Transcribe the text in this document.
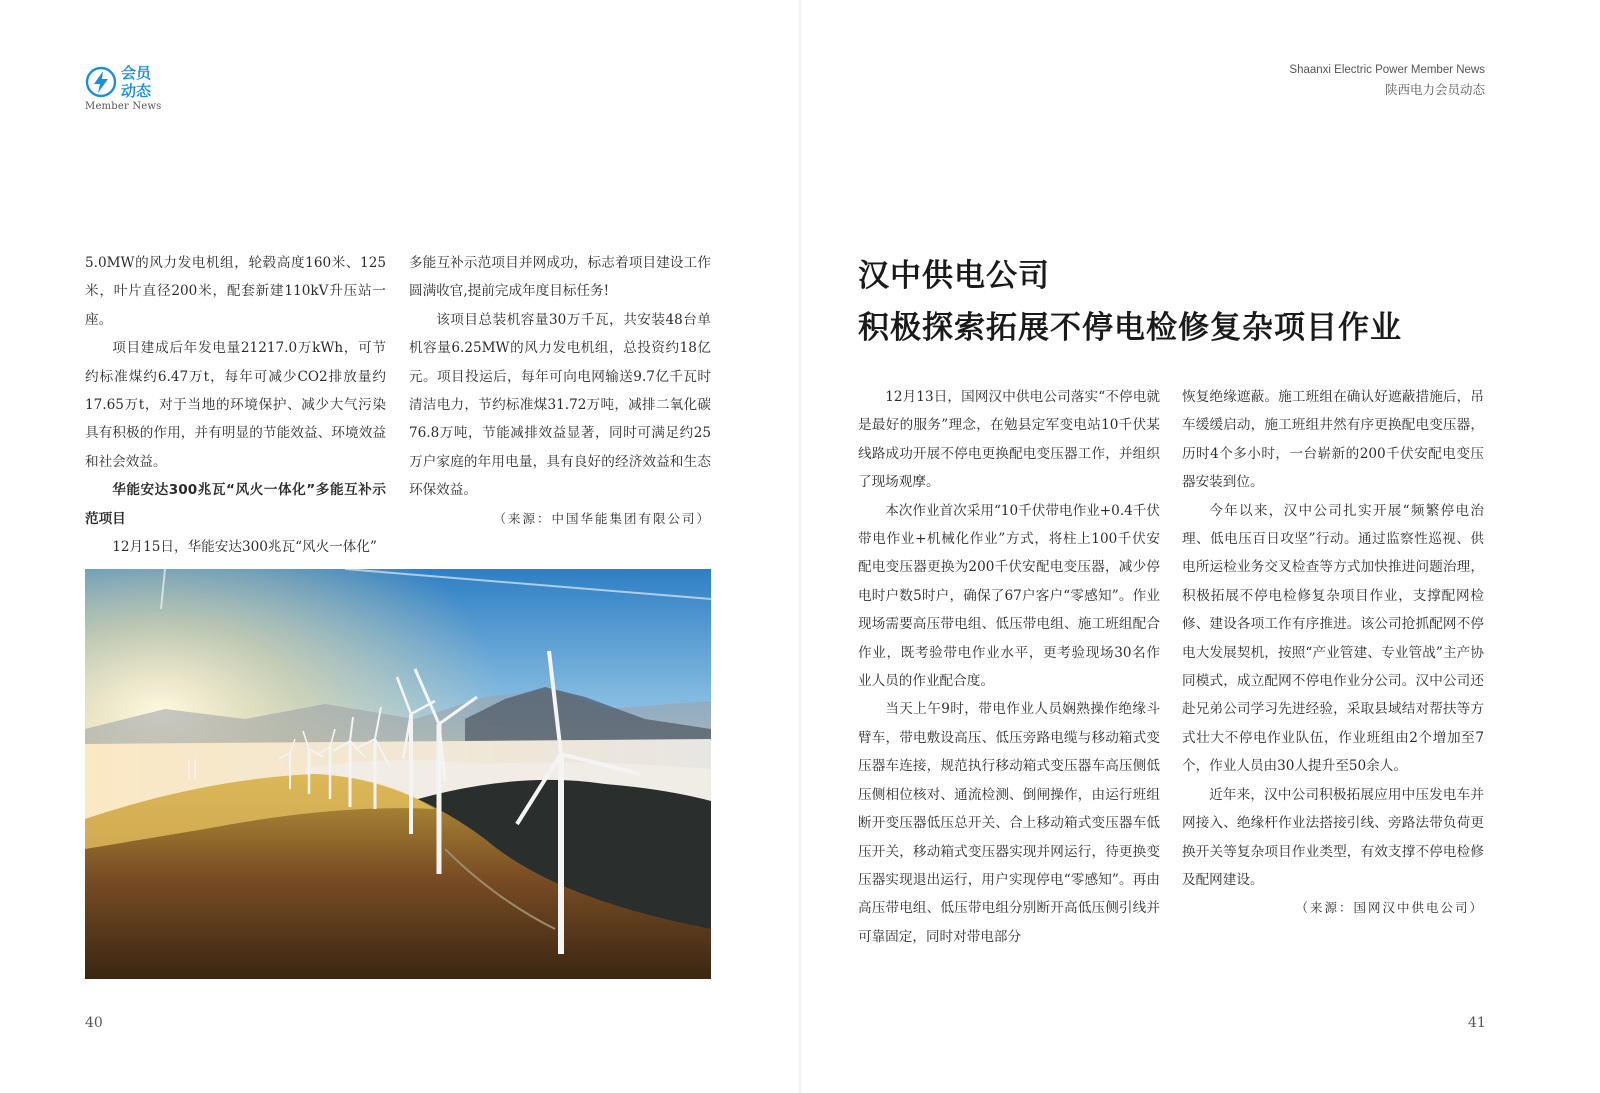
会员
动态
Member News
Shaanxi Electric Power Member News
陕西电力会员动态

5.0MW的风力发电机组，轮毂高度160米、125米，叶片直径200米，配套新建110kV升压站一座。

项目建成后年发电量21217.0万kWh，可节约标准煤约6.47万t，每年可减少CO2排放量约17.65万t，对于当地的环境保护、减少大气污染具有积极的作用，并有明显的节能效益、环境效益和社会效益。

华能安达300兆瓦“风火一体化”多能互补示范项目

12月15日，华能安达300兆瓦“风火一体化”

多能互补示范项目并网成功，标志着项目建设工作圆满收官,提前完成年度目标任务!

该项目总装机容量30万千瓦，共安装48台单机容量6.25MW的风力发电机组，总投资约18亿元。项目投运后，每年可向电网输送9.7亿千瓦时清洁电力，节约标准煤31.72万吨，减排二氧化碳76.8万吨，节能减排效益显著，同时可满足约25万户家庭的年用电量，具有良好的经济效益和生态环保效益。

（来源：中国华能集团有限公司）

40
汉中供电公司
积极探索拓展不停电检修复杂项目作业

12月13日，国网汉中供电公司落实“不停电就是最好的服务”理念，在勉县定军变电站10千伏某线路成功开展不停电更换配电变压器工作，并组织了现场观摩。

本次作业首次采用“10千伏带电作业+0.4千伏带电作业+机械化作业”方式，将柱上100千伏安配电变压器更换为200千伏安配电变压器，减少停电时户数5时户，确保了67户客户“零感知”。作业现场需要高压带电组、低压带电组、施工班组配合作业，既考验带电作业水平，更考验现场30名作业人员的作业配合度。

当天上午9时，带电作业人员娴熟操作绝缘斗臂车，带电敷设高压、低压旁路电缆与移动箱式变压器车连接，规范执行移动箱式变压器车高压侧低压侧相位核对、通流检测、倒闸操作，由运行班组断开变压器低压总开关、合上移动箱式变压器车低压开关，移动箱式变压器实现并网运行，待更换变压器实现退出运行，用户实现停电“零感知”。再由高压带电组、低压带电组分别断开高低压侧引线并可靠固定，同时对带电部分

恢复绝缘遮蔽。施工班组在确认好遮蔽措施后，吊车缓缓启动，施工班组井然有序更换配电变压器，历时4个多小时，一台崭新的200千伏安配电变压器安装到位。

今年以来，汉中公司扎实开展“频繁停电治理、低电压百日攻坚”行动。通过监察性巡视、供电所运检业务交叉检查等方式加快推进问题治理，积极拓展不停电检修复杂项目作业，支撑配网检修、建设各项工作有序推进。该公司抢抓配网不停电大发展契机，按照“产业管建、专业管战”主产协同模式，成立配网不停电作业分公司。汉中公司还赴兄弟公司学习先进经验，采取县域结对帮扶等方式壮大不停电作业队伍，作业班组由2个增加至7个，作业人员由30人提升至50余人。

近年来，汉中公司积极拓展应用中压发电车并网接入、绝缘杆作业法搭接引线、旁路法带负荷更换开关等复杂项目作业类型，有效支撑不停电检修及配网建设。

（来源：国网汉中供电公司）

41
